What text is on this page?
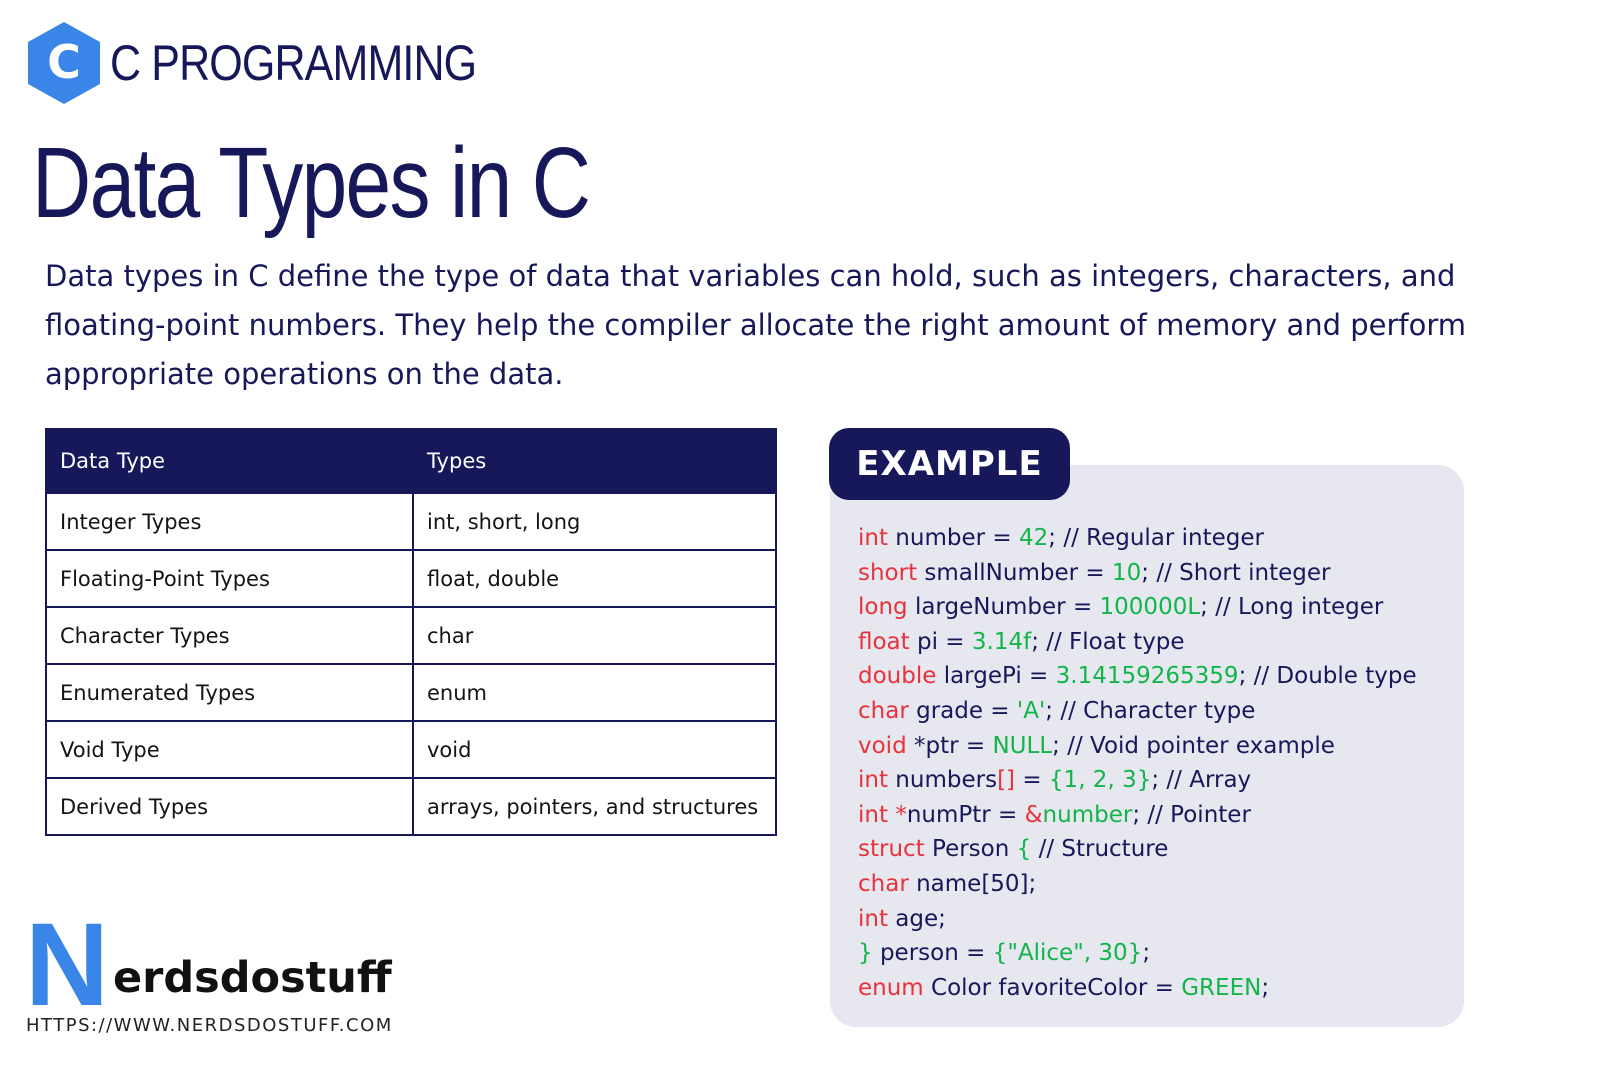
C C PROGRAMMING
Data Types in C

Data types in C define the type of data that variables can hold, such as integers, characters, and floating-point numbers. They help the compiler allocate the right amount of memory and perform appropriate operations on the data.

Data Type	Types
Integer Types	int, short, long
Floating-Point Types	float, double
Character Types	char
Enumerated Types	enum
Void Type	void
Derived Types	arrays, pointers, and structures
EXAMPLE
int number = 42; // Regular integer
short smallNumber = 10; // Short integer
long largeNumber = 100000L; // Long integer
float pi = 3.14f; // Float type
double largePi = 3.14159265359; // Double type
char grade = 'A'; // Character type
void *ptr = NULL; // Void pointer example
int numbers[] = {1, 2, 3}; // Array
int *numPtr = &number; // Pointer
struct Person { // Structure
char name[50];
int age;
} person = {"Alice", 30};
enum Color favoriteColor = GREEN;
N erdsdostuff
HTTPS://WWW.NERDSDOSTUFF.COM
